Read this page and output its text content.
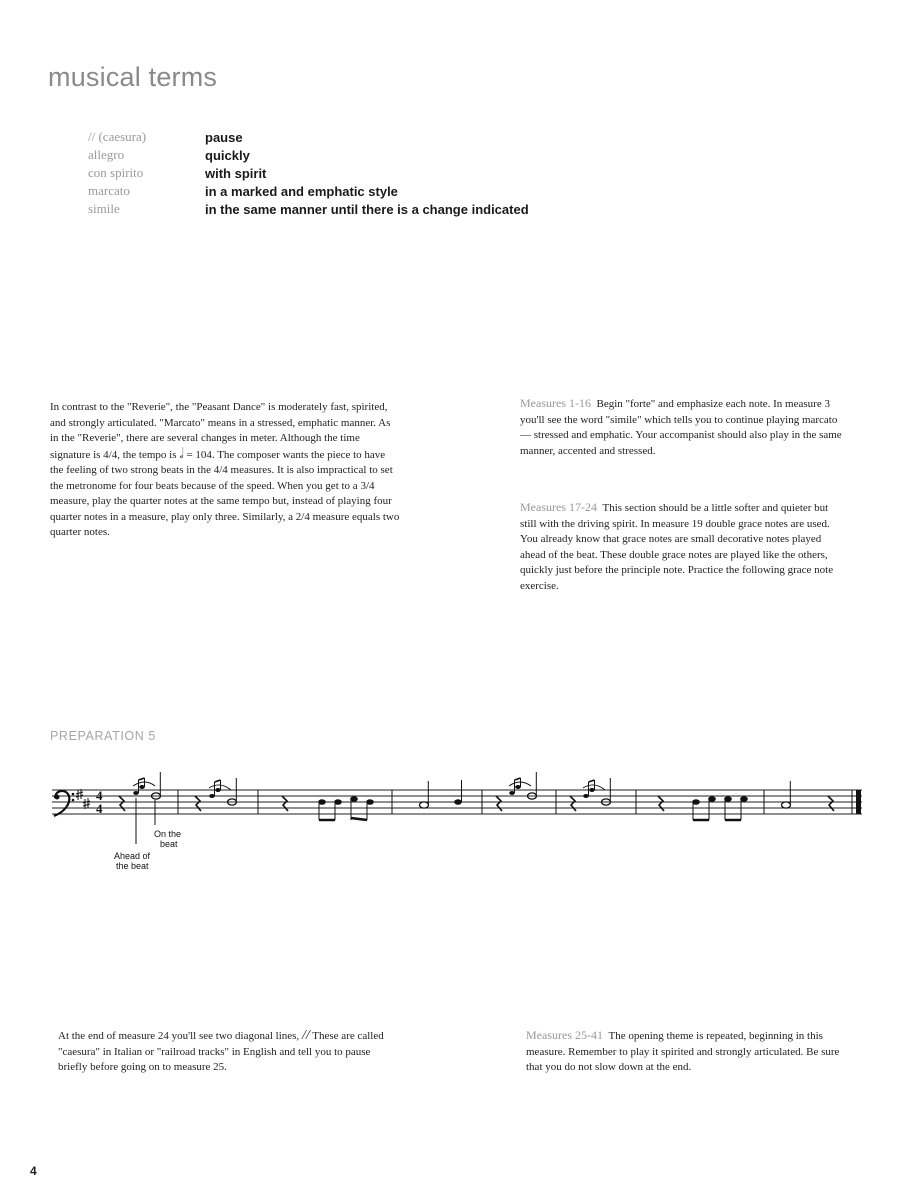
musical terms
// (caesura)	pause
allegro	quickly
con spirito	with spirit
marcato	in a marked and emphatic style
simile	in the same manner until there is a change indicated
In contrast to the "Reverie", the "Peasant Dance" is moderately fast, spirited, and strongly articulated. "Marcato" means in a stressed, emphatic manner. As in the "Reverie", there are several changes in meter. Although the time signature is 4/4, the tempo is 𝅗𝅥 = 104. The composer wants the piece to have the feeling of two strong beats in the 4/4 measures. It is also impractical to set the metronome for four beats because of the speed. When you get to a 3/4 measure, play the quarter notes at the same tempo but, instead of playing four quarter notes in a measure, play only three. Similarly, a 2/4 measure equals two quarter notes.
Measures 1-16 Begin "forte" and emphasize each note. In measure 3 you'll see the word "simile" which tells you to continue playing marcato — stressed and emphatic. Your accompanist should also play in the same manner, accented and stressed.
Measures 17-24 This section should be a little softer and quieter but still with the driving spirit. In measure 19 double grace notes are used. You already know that grace notes are small decorative notes played ahead of the beat. These double grace notes are played like the others, quickly just before the principle note. Practice the following grace note exercise.
PREPARATION 5
4
4
On the
beat
Ahead of
the beat
At the end of measure 24 you'll see two diagonal lines, // These are called "caesura" in Italian or "railroad tracks" in English and tell you to pause briefly before going on to measure 25.
Measures 25-41 The opening theme is repeated, beginning in this measure. Remember to play it spirited and strongly articulated. Be sure that you do not slow down at the end.
4
